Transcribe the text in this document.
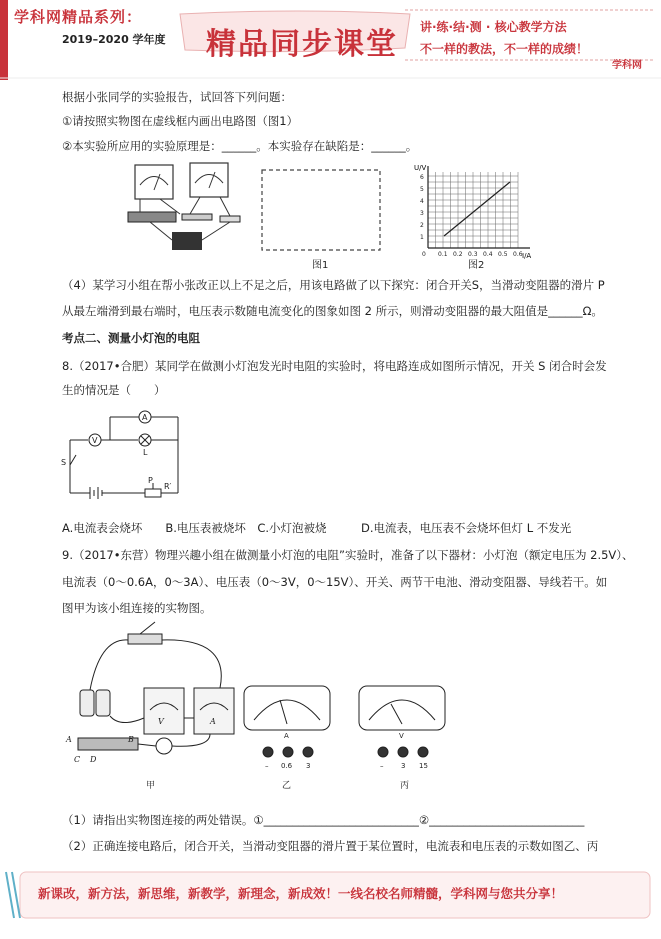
学科网精品系列：
2019–2020 学年度 精品同步课堂 讲·练·结·测 · 核心教学方法
不一样的教法，不一样的成绩！
学科网
根据小张同学的实验报告，试回答下列问题：
①请按照实物图在虚线框内画出电路图（图1）
②本实验所应用的实验原理是：______。本实验存在缺陷是：______。
图1
U/V
I/A
6
5
4
3
2
1
0 0.1 0.2 0.3 0.4 0.5 0.6
图2
（4）某学习小组在帮小张改正以上不足之后，用该电路做了以下探究：闭合开关S，当滑动变阻器的滑片 P
从最左端滑到最右端时，电压表示数随电流变化的图象如图 2 所示，则滑动变阻器的最大阻值是______Ω。
考点二、测量小灯泡的电阻
8.（2017•合肥）某同学在做测小灯泡发光时电阻的实验时，将电路连成如图所示情况，开关 S 闭合时会发
生的情况是（　　）
A
V
L
S
P
R′
A.电流表会烧坏　　B.电压表被烧坏　C.小灯泡被烧　　　D.电流表，电压表不会烧坏但灯 L 不发光
9.（2017•东营）物理兴趣小组在做测量小灯泡的电阻”实验时，准备了以下器材：小灯泡（额定电压为 2.5V）、
电流表（0～0.6A，0～3A）、电压表（0～3V，0～15V）、开关、两节干电池、滑动变阻器、导线若干。如
图甲为该小组连接的实物图。
V	A
A	B
C D
甲
A
– 0.6 3
乙
V
–	3 15
丙
（1）请指出实物图连接的两处错误。①___________________________②___________________________
（2）正确连接电路后，闭合开关，当滑动变阻器的滑片置于某位置时，电流表和电压表的示数如图乙、丙
新课改，新方法，新思维，新教学，新理念，新成效！一线名校名师精髓，学科网与您共分享！
